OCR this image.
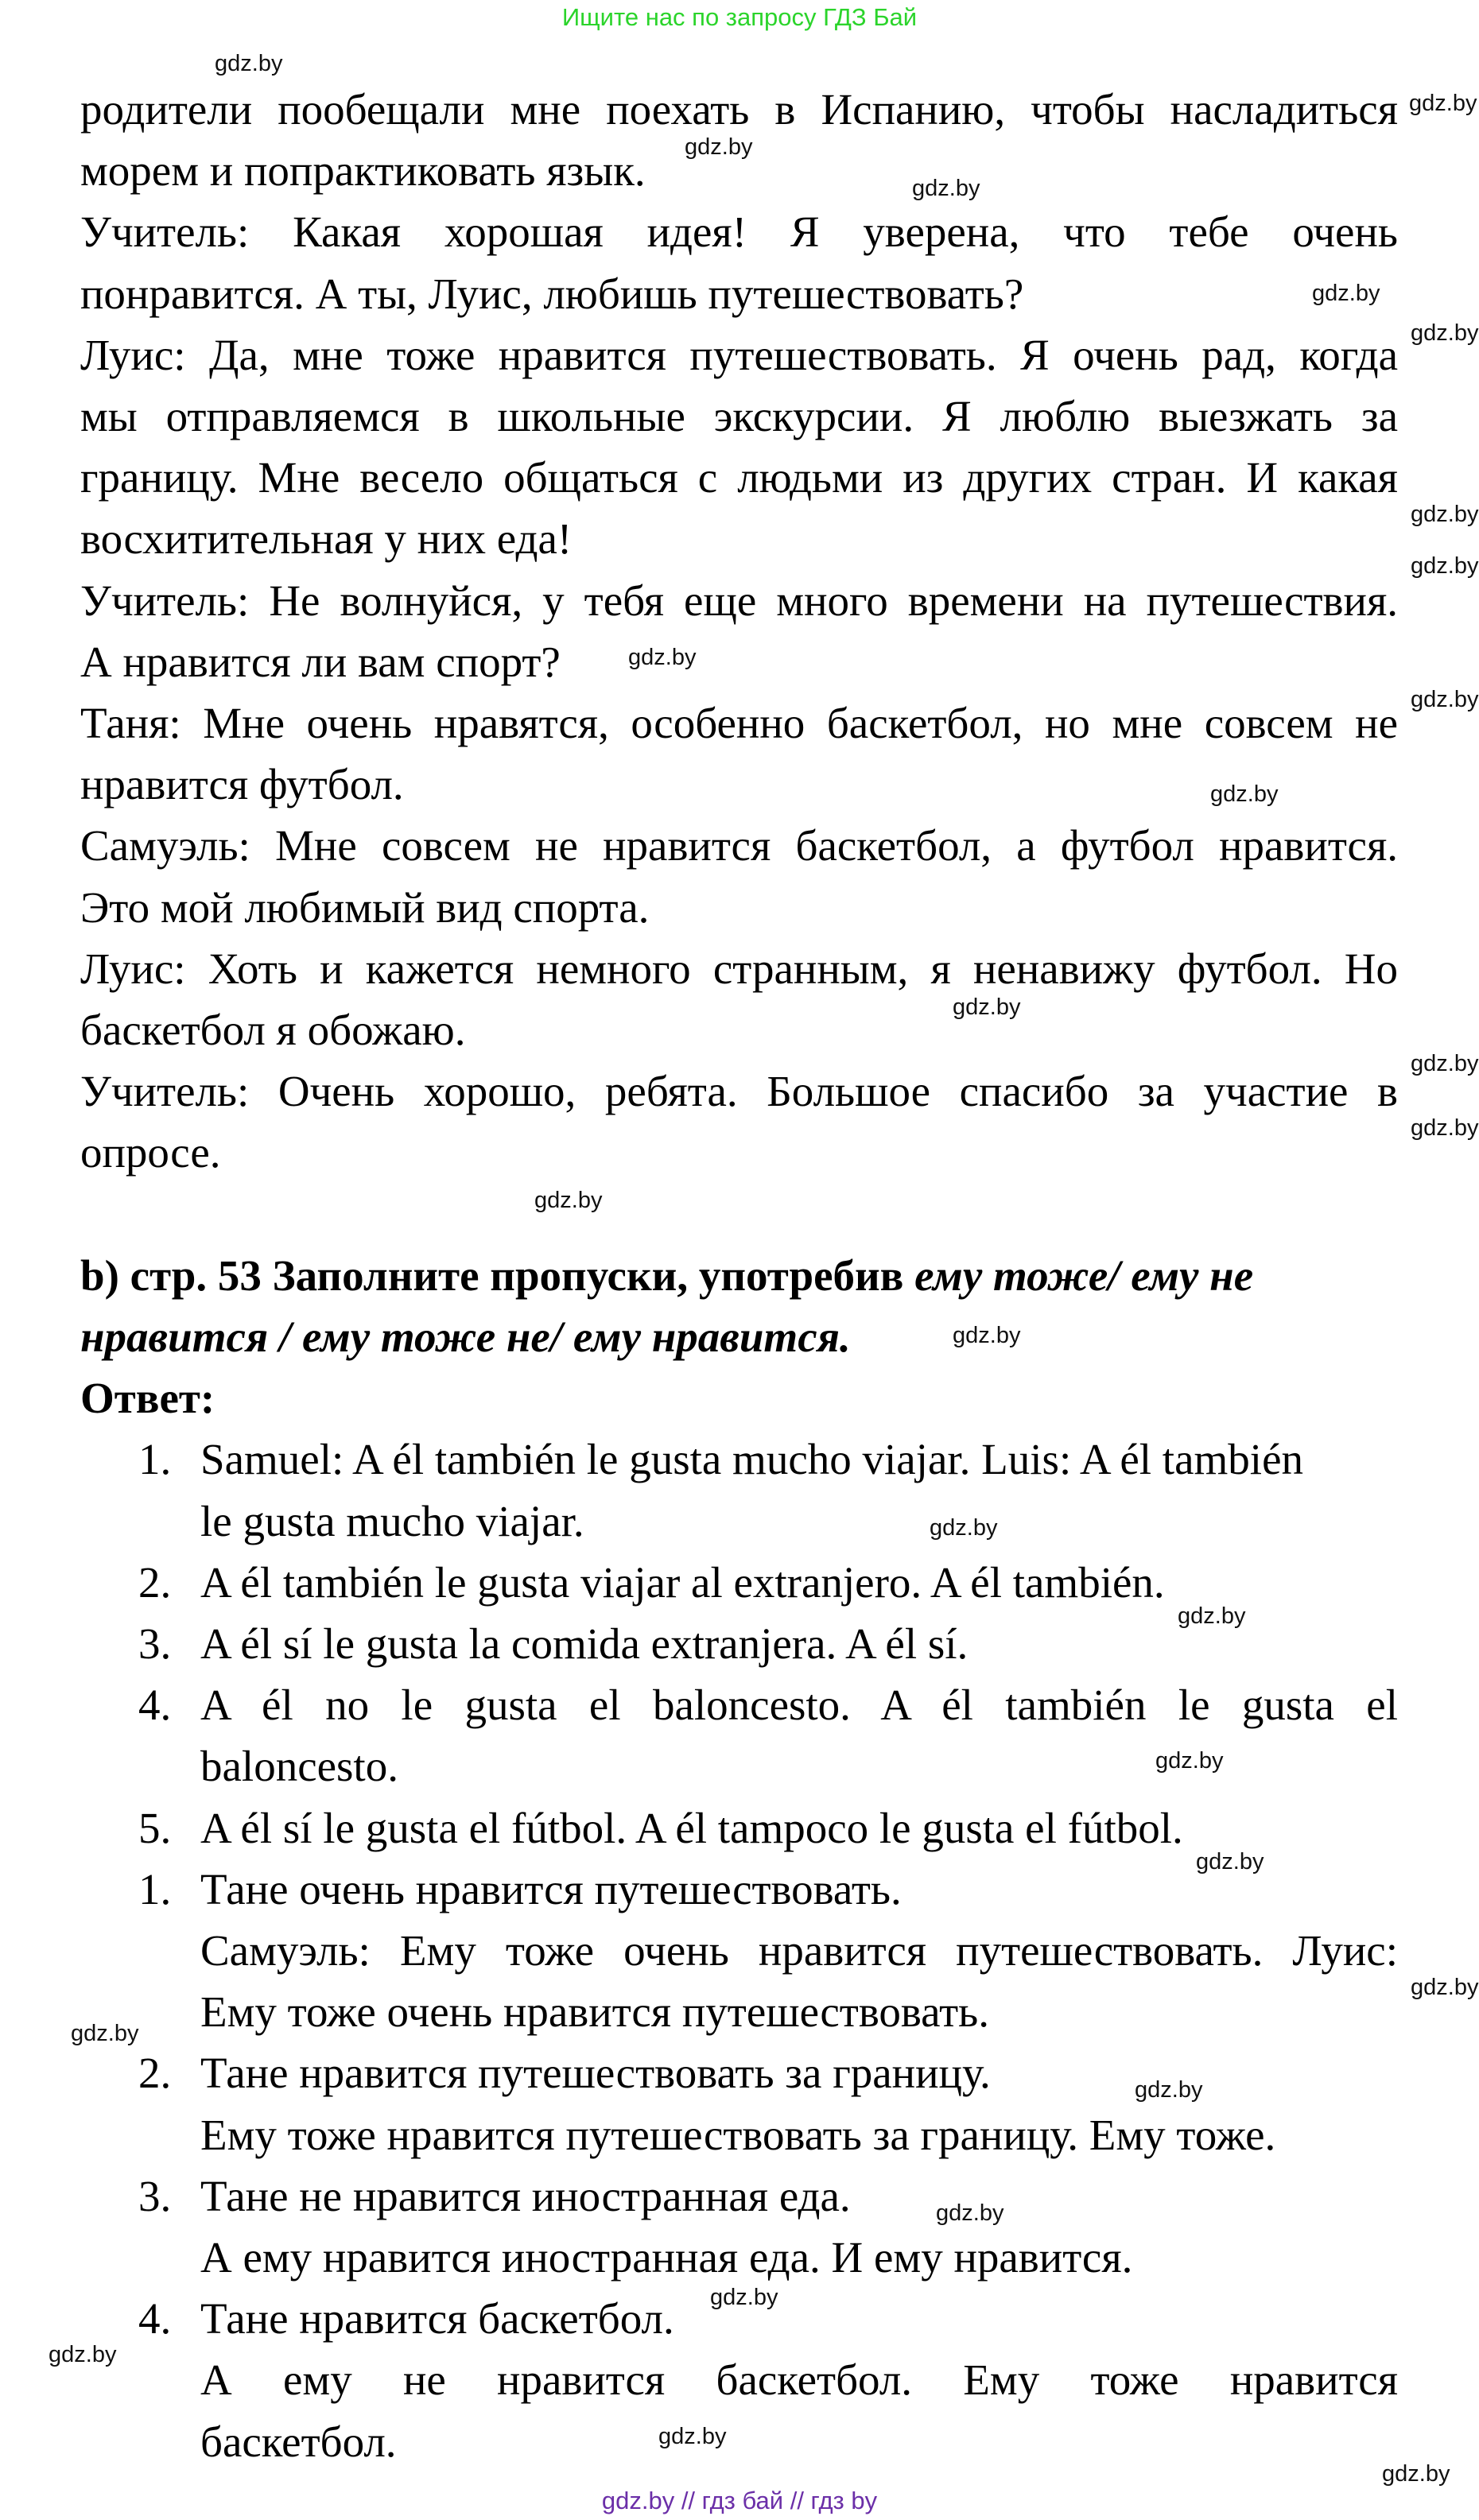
Ищите нас по запросу ГДЗ Бай
родители пообещали мне поехать в Испанию, чтобы насладиться
морем и попрактиковать язык.
Учитель: Какая хорошая идея! Я уверена, что тебе очень
понравится. А ты, Луис, любишь путешествовать?
Луис: Да, мне тоже нравится путешествовать. Я очень рад, когда
мы отправляемся в школьные экскурсии. Я люблю выезжать за
границу. Мне весело общаться с людьми из других стран. И какая
восхитительная у них еда!
Учитель: Не волнуйся, у тебя еще много времени на путешествия.
А нравится ли вам спорт?
Таня: Мне очень нравятся, особенно баскетбол, но мне совсем не
нравится футбол.
Самуэль: Мне совсем не нравится баскетбол, а футбол нравится.
Это мой любимый вид спорта.
Луис: Хоть и кажется немного странным, я ненавижу футбол. Но
баскетбол я обожаю.
Учитель: Очень хорошо, ребята. Большое спасибо за участие в
опросе.
b) стр. 53 Заполните пропуски, употребив ему тоже/ ему не
нравится / ему тоже не/ ему нравится.
Ответ:
1. Samuel: A él también le gusta mucho viajar. Luis: A él también
le gusta mucho viajar.
2. A él también le gusta viajar al extranjero. A él también.
3. A él sí le gusta la comida extranjera. A él sí.
4. A él no le gusta el baloncesto. A él también le gusta el
baloncesto.
5. A él sí le gusta el fútbol. A él tampoco le gusta el fútbol.
1. Тане очень нравится путешествовать.
Самуэль: Ему тоже очень нравится путешествовать. Луис:
Ему тоже очень нравится путешествовать.
2. Тане нравится путешествовать за границу.
Ему тоже нравится путешествовать за границу. Ему тоже.
3. Тане не нравится иностранная еда.
А ему нравится иностранная еда. И ему нравится.
4. Тане нравится баскетбол.
А ему не нравится баскетбол. Ему тоже нравится
баскетбол.
gdz.by
gdz.by
gdz.by
gdz.by
gdz.by
gdz.by
gdz.by
gdz.by
gdz.by
gdz.by
gdz.by
gdz.by
gdz.by
gdz.by
gdz.by
gdz.by
gdz.by
gdz.by
gdz.by
gdz.by
gdz.by
gdz.by
gdz.by
gdz.by
gdz.by
gdz.by
gdz.by
gdz.by
gdz.by // гдз бай // гдз by
